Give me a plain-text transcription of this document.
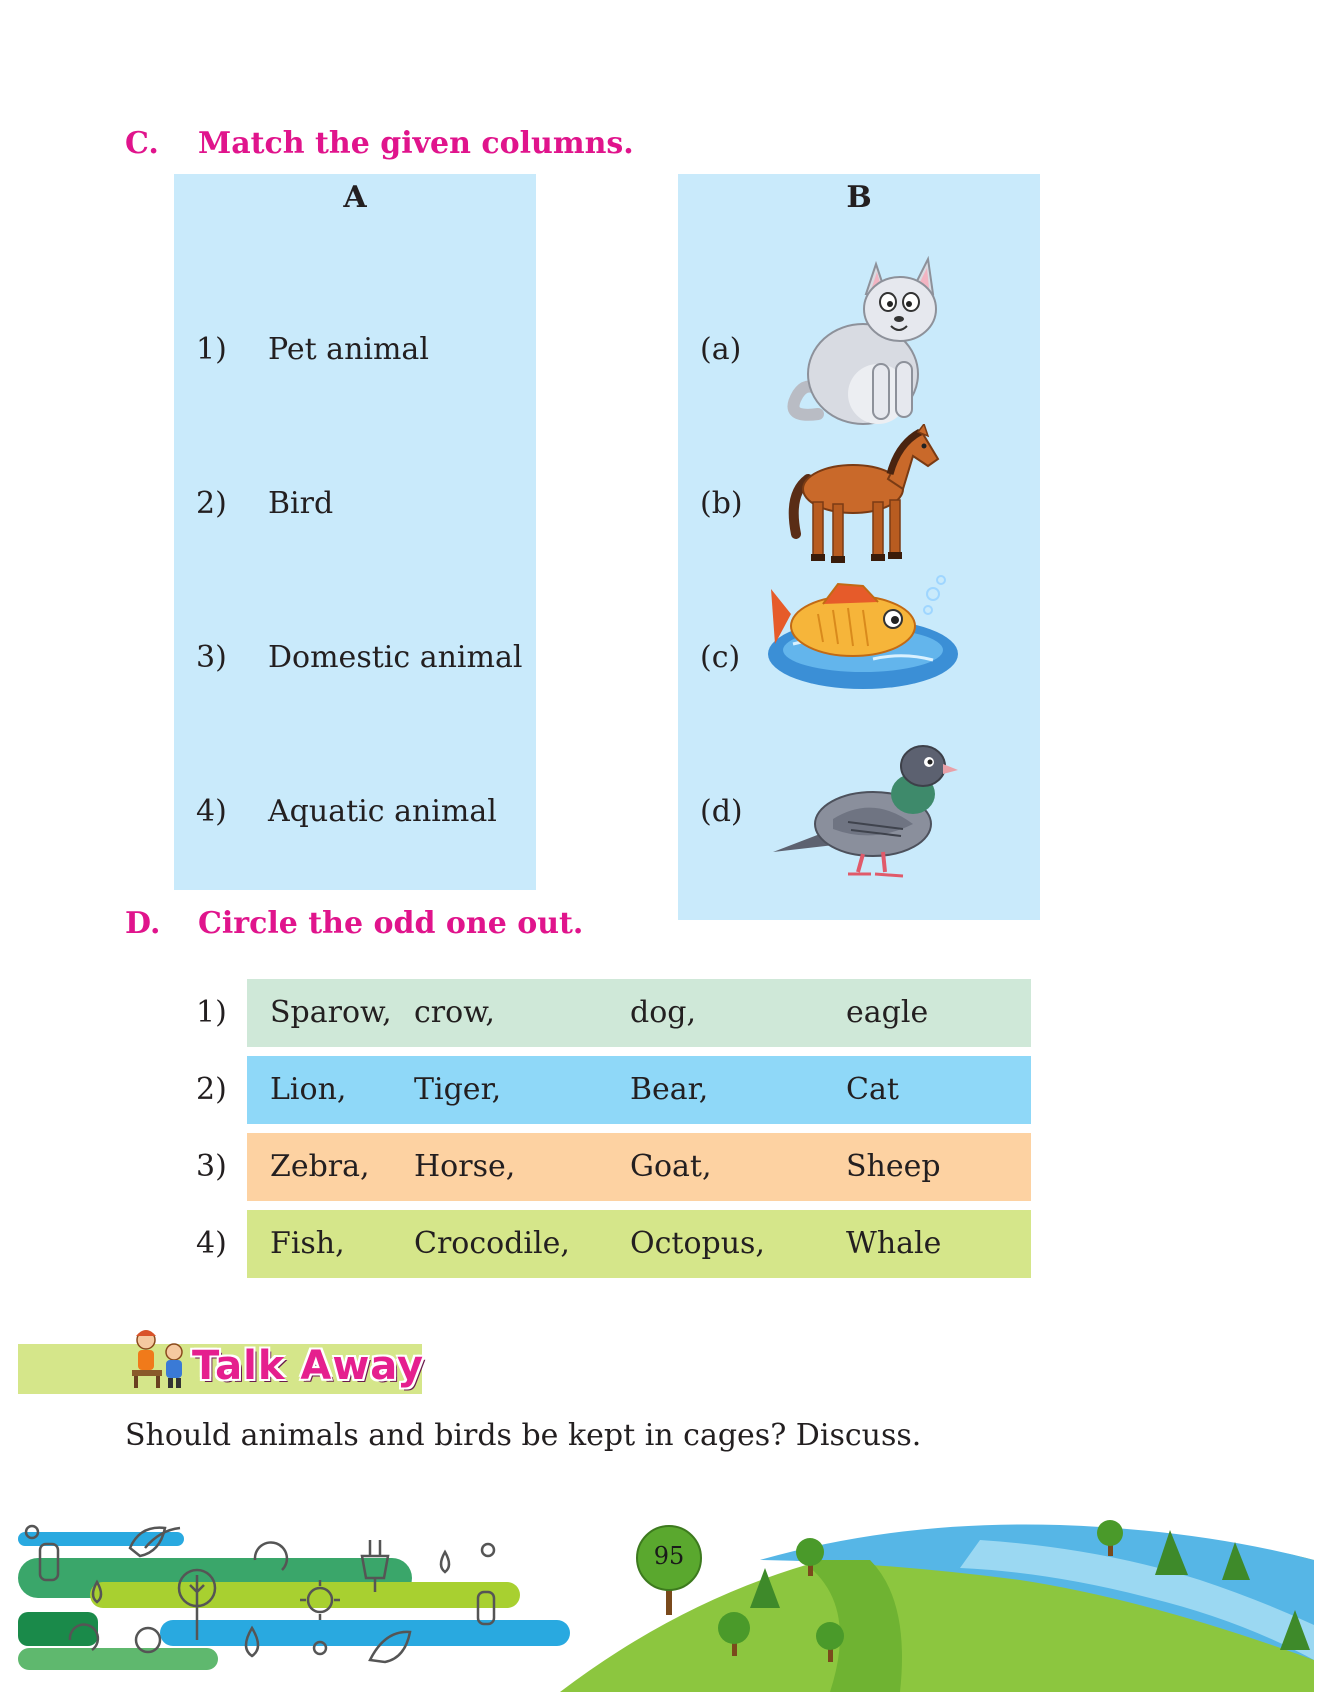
C. Match the given columns.
A
1) Pet animal
2) Bird
3) Domestic animal
4) Aquatic animal
B
(a)
(b)
(c)
(d)
D. Circle the odd one out.
1) Sparow, crow,	dog,	eagle
2) Lion, Tiger,	Bear,	Cat
3) Zebra, Horse,	Goat,	Sheep
4) Fish, Crocodile, Octopus,	Whale
Talk Away
Should animals and birds be kept in cages? Discuss.
95
